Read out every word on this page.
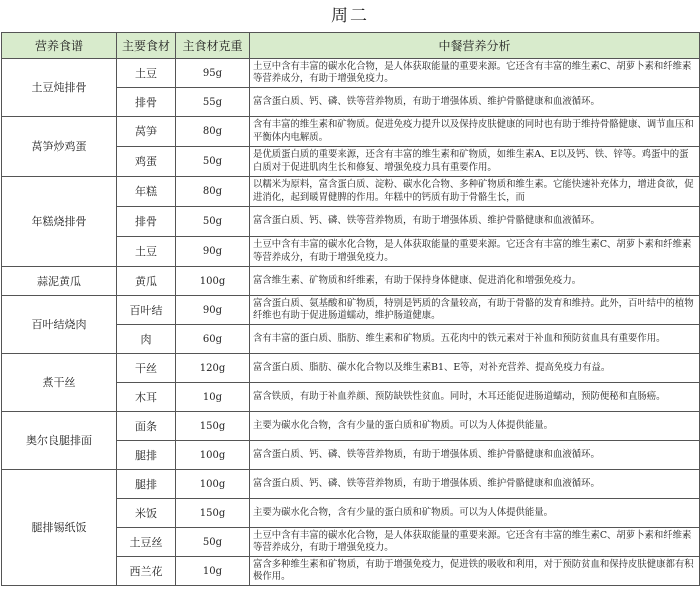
周二
营养食谱	主要食材	主食材克重	中餐营养分析
土豆炖排骨	土豆	95g	土豆中含有丰富的碳水化合物，是人体获取能量的重要来源。它还含有丰富的维生素C、胡萝卜素和纤维素等营养成分，有助于增强免疫力。
	排骨	55g	富含蛋白质、钙、磷、铁等营养物质，有助于增强体质、维护骨骼健康和血液循环。
莴笋炒鸡蛋	莴笋	80g	含有丰富的维生素和矿物质。促进免疫力提升以及保持皮肤健康的同时也有助于维持骨骼健康、调节血压和平衡体内电解质。
	鸡蛋	50g	是优质蛋白质的重要来源，还含有丰富的维生素和矿物质，如维生素A、E以及钙、铁、锌等。鸡蛋中的蛋白质对于促进肌肉生长和修复、增强免疫力具有重要作用。
年糕烧排骨	年糕	80g	以糯米为原料，富含蛋白质、淀粉、碳水化合物、多种矿物质和维生素。它能快速补充体力，增进食欲，促进消化，起到暖胃健脾的作用。年糕中的钙质有助于骨骼生长，而
	排骨	50g	富含蛋白质、钙、磷、铁等营养物质，有助于增强体质、维护骨骼健康和血液循环。
	土豆	90g	土豆中含有丰富的碳水化合物，是人体获取能量的重要来源。它还含有丰富的维生素C、胡萝卜素和纤维素等营养成分，有助于增强免疫力。
蒜泥黄瓜	黄瓜	100g	富含维生素、矿物质和纤维素，有助于保持身体健康、促进消化和增强免疫力。
百叶结烧肉	百叶结	90g	富含蛋白质、氨基酸和矿物质，特别是钙质的含量较高，有助于骨骼的发育和维持。此外，百叶结中的植物纤维也有助于促进肠道蠕动，维护肠道健康。
	肉	60g	含有丰富的蛋白质、脂肪、维生素和矿物质。五花肉中的铁元素对于补血和预防贫血具有重要作用。
煮干丝	干丝	120g	富含蛋白质、脂肪、碳水化合物以及维生素B1、E等，对补充营养、提高免疫力有益。
	木耳	10g	富含铁质，有助于补血养颜、预防缺铁性贫血。同时，木耳还能促进肠道蠕动，预防便秘和直肠癌。
奥尔良腿排面	面条	150g	主要为碳水化合物，含有少量的蛋白质和矿物质。可以为人体提供能量。
	腿排	100g	富含蛋白质、钙、磷、铁等营养物质，有助于增强体质、维护骨骼健康和血液循环。
腿排锡纸饭	腿排	100g	富含蛋白质、钙、磷、铁等营养物质，有助于增强体质、维护骨骼健康和血液循环。
	米饭	150g	主要为碳水化合物，含有少量的蛋白质和矿物质。可以为人体提供能量。
	土豆丝	50g	土豆中含有丰富的碳水化合物，是人体获取能量的重要来源。它还含有丰富的维生素C、胡萝卜素和纤维素等营养成分，有助于增强免疫力。
	西兰花	10g	富含多种维生素和矿物质，有助于增强免疫力，促进铁的吸收和利用，对于预防贫血和保持皮肤健康都有积极作用。
